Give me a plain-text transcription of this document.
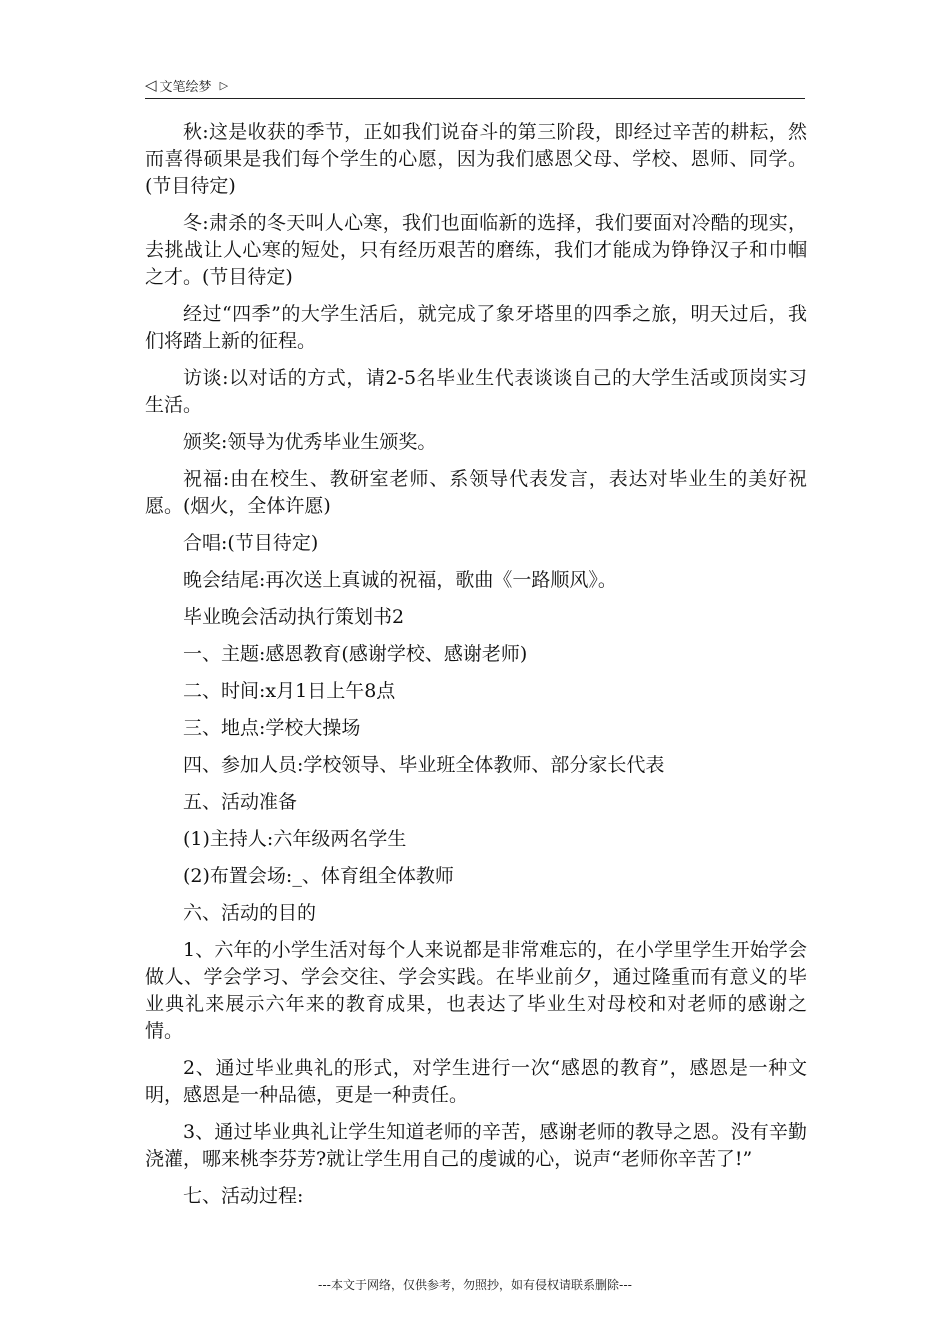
◁ 文笔绘梦 ▷

秋:这是收获的季节，正如我们说奋斗的第三阶段，即经过辛苦的耕耘，然而喜得硕果是我们每个学生的心愿，因为我们感恩父母、学校、恩师、同学。(节目待定)

冬:肃杀的冬天叫人心寒，我们也面临新的选择，我们要面对冷酷的现实，去挑战让人心寒的短处，只有经历艰苦的磨练，我们才能成为铮铮汉子和巾帼之才。(节目待定)

经过“四季”的大学生活后，就完成了象牙塔里的四季之旅，明天过后，我们将踏上新的征程。

访谈:以对话的方式，请2-5名毕业生代表谈谈自己的大学生活或顶岗实习生活。

颁奖:领导为优秀毕业生颁奖。

祝福:由在校生、教研室老师、系领导代表发言，表达对毕业生的美好祝愿。(烟火，全体许愿)

合唱:(节目待定)

晚会结尾:再次送上真诚的祝福，歌曲《一路顺风》。

毕业晚会活动执行策划书2

一、主题:感恩教育(感谢学校、感谢老师)

二、时间:x月1日上午8点

三、地点:学校大操场

四、参加人员:学校领导、毕业班全体教师、部分家长代表

五、活动准备

(1)主持人:六年级两名学生

(2)布置会场:_、体育组全体教师

六、活动的目的

1、六年的小学生活对每个人来说都是非常难忘的，在小学里学生开始学会做人、学会学习、学会交往、学会实践。在毕业前夕，通过隆重而有意义的毕业典礼来展示六年来的教育成果，也表达了毕业生对母校和对老师的感谢之情。

2、通过毕业典礼的形式，对学生进行一次“感恩的教育”，感恩是一种文明，感恩是一种品德，更是一种责任。

3、通过毕业典礼让学生知道老师的辛苦，感谢老师的教导之恩。没有辛勤浇灌，哪来桃李芬芳?就让学生用自己的虔诚的心，说声“老师你辛苦了!”

七、活动过程:

---本文于网络，仅供参考，勿照抄，如有侵权请联系删除---
